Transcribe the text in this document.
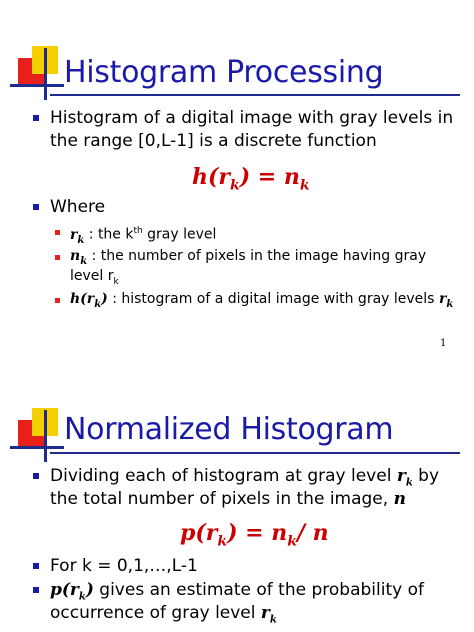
Histogram Processing
Histogram of a digital image with gray levels in
the range [0,L-1] is a discrete function
$h(r_k) = n_k$
Where
$r_k$ : the $k^{th}$ gray level
$n_k$ : the number of pixels in the image having gray
level $r_k$
$h(r_k)$ : histogram of a digital image with gray levels $r_k$
1
Normalized Histogram
Dividing each of histogram at gray level $r_k$ by
the total number of pixels in the image, n
$p(r_k) = n_k/$ n
For k = 0,1,…,L-1
$p(r_k)$ gives an estimate of the probability of
occurrence of gray level $r_k$
